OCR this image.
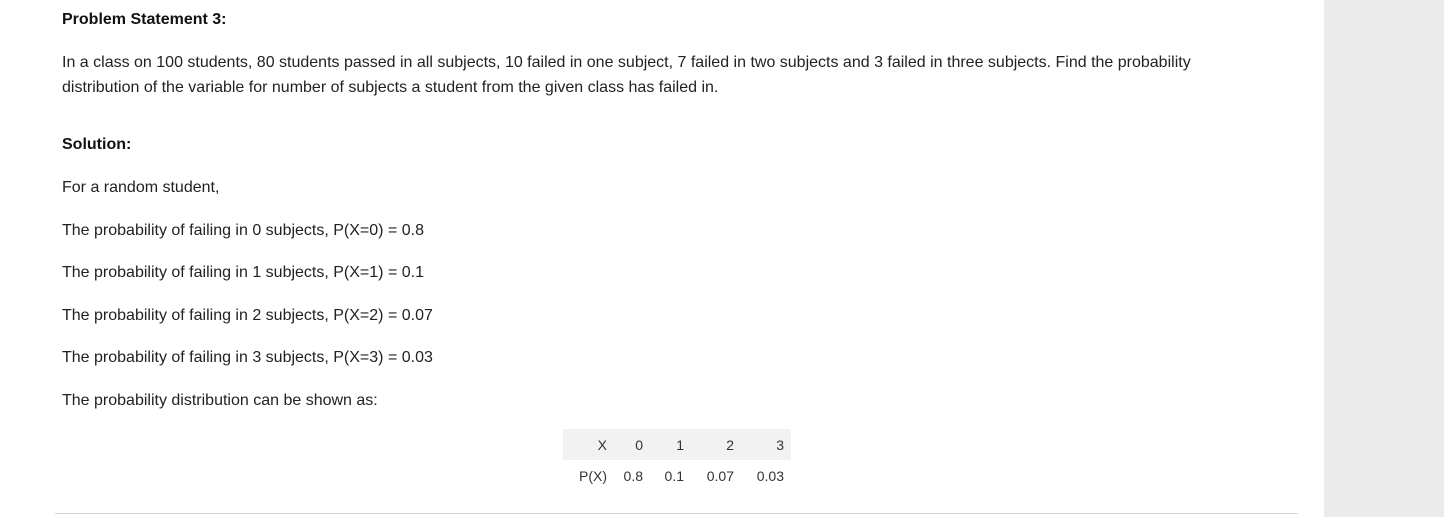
Problem Statement 3:
In a class on 100 students, 80 students passed in all subjects, 10 failed in one subject, 7 failed in two subjects and 3 failed in three subjects. Find the probability distribution of the variable for number of subjects a student from the given class has failed in.
Solution:
For a random student,
The probability of failing in 0 subjects, P(X=0) = 0.8
The probability of failing in 1 subjects, P(X=1) = 0.1
The probability of failing in 2 subjects, P(X=2) = 0.07
The probability of failing in 3 subjects, P(X=3) = 0.03
The probability distribution can be shown as:
X	0	1	2	3
P(X)	0.8	0.1	0.07	0.03
